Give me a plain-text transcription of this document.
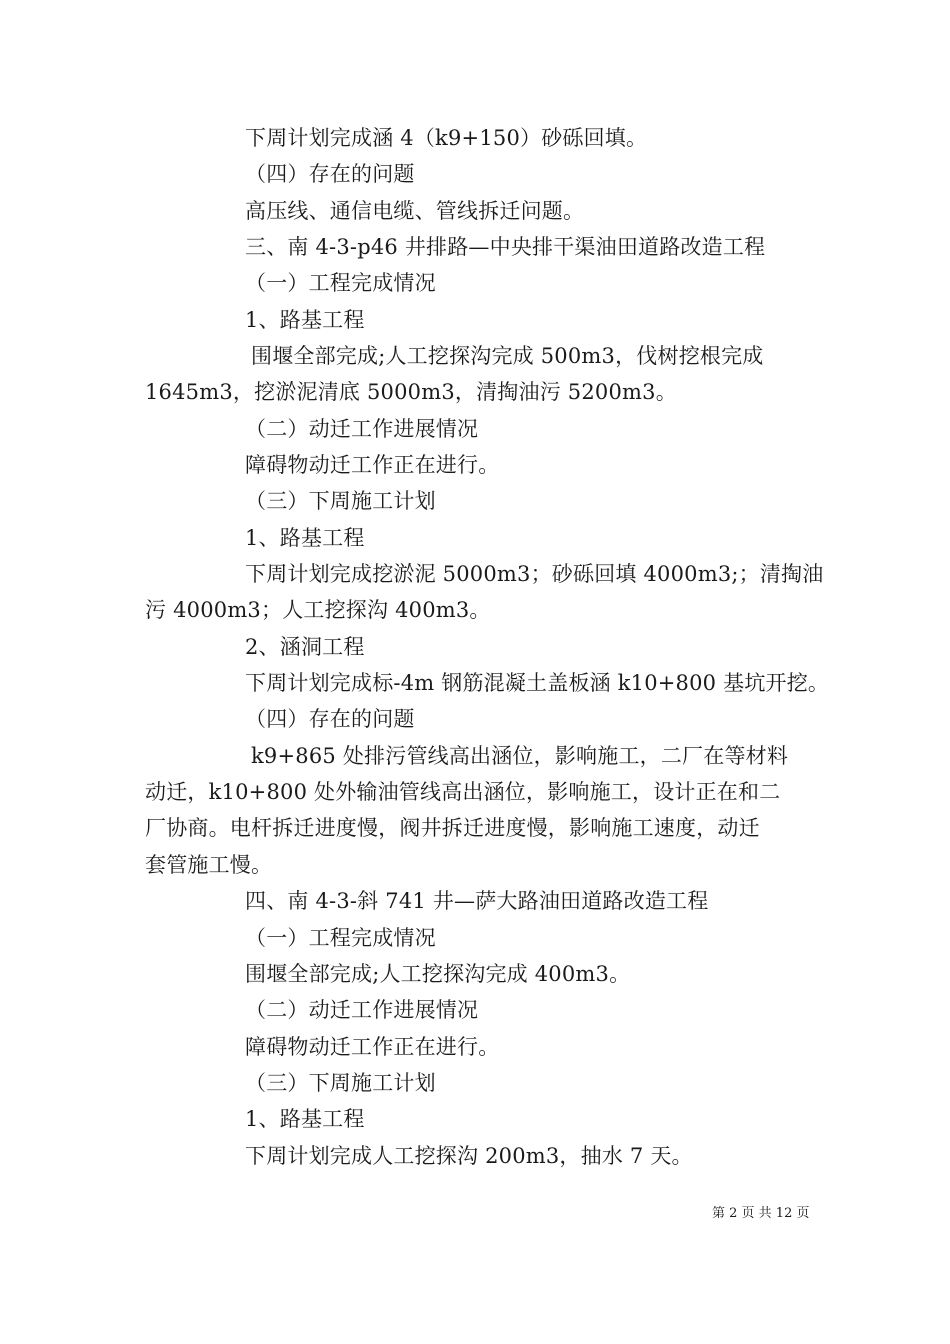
下周计划完成涵 4（k9+150）砂砾回填。
（四）存在的问题
高压线、通信电缆、管线拆迁问题。
三、南 4-3-p46 井排路—中央排干渠油田道路改造工程
（一）工程完成情况
1、路基工程
围堰全部完成;人工挖探沟完成 500m3，伐树挖根完成
1645m3，挖淤泥清底 5000m3，清掏油污 5200m3。
（二）动迁工作进展情况
障碍物动迁工作正在进行。
（三）下周施工计划
1、路基工程
下周计划完成挖淤泥 5000m3；砂砾回填 4000m3;；清掏油
污 4000m3；人工挖探沟 400m3。
2、涵洞工程
下周计划完成标-4m 钢筋混凝土盖板涵 k10+800 基坑开挖。
（四）存在的问题
k9+865 处排污管线高出涵位，影响施工，二厂在等材料
动迁，k10+800 处外输油管线高出涵位，影响施工，设计正在和二
厂协商。电杆拆迁进度慢，阀井拆迁进度慢，影响施工速度，动迁
套管施工慢。
四、南 4-3-斜 741 井—萨大路油田道路改造工程
（一）工程完成情况
围堰全部完成;人工挖探沟完成 400m3。
（二）动迁工作进展情况
障碍物动迁工作正在进行。
（三）下周施工计划
1、路基工程
下周计划完成人工挖探沟 200m3，抽水 7 天。
第 2 页 共 12 页
